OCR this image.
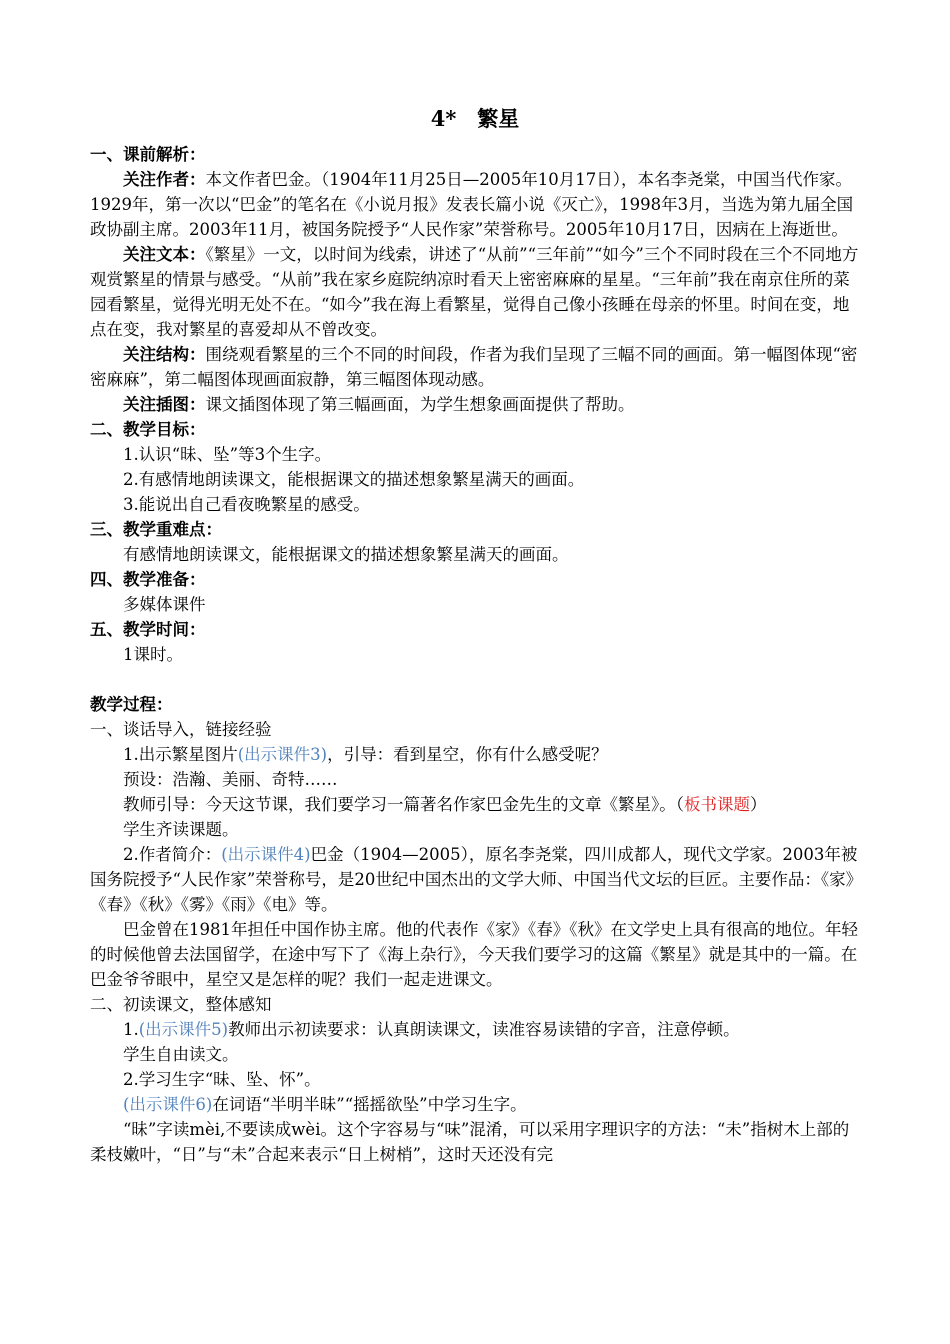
4*　繁星

一、课前解析：

关注作者：本文作者巴金。（1904年11月25日—2005年10月17日），本名李尧棠，中国当代作家。1929年，第一次以“巴金”的笔名在《小说月报》发表长篇小说《灭亡》，1998年3月，当选为第九届全国政协副主席。2003年11月，被国务院授予“人民作家”荣誉称号。2005年10月17日，因病在上海逝世。

关注文本：《繁星》一文，以时间为线索，讲述了“从前”“三年前”“如今”三个不同时段在三个不同地方观赏繁星的情景与感受。“从前”我在家乡庭院纳凉时看天上密密麻麻的星星。“三年前”我在南京住所的菜园看繁星，觉得光明无处不在。“如今”我在海上看繁星，觉得自己像小孩睡在母亲的怀里。时间在变，地点在变，我对繁星的喜爱却从不曾改变。

关注结构：围绕观看繁星的三个不同的时间段，作者为我们呈现了三幅不同的画面。第一幅图体现“密密麻麻”，第二幅图体现画面寂静，第三幅图体现动感。

关注插图：课文插图体现了第三幅画面，为学生想象画面提供了帮助。

二、教学目标：

1.认识“昧、坠”等3个生字。

2.有感情地朗读课文，能根据课文的描述想象繁星满天的画面。

3.能说出自己看夜晚繁星的感受。

三、教学重难点：

有感情地朗读课文，能根据课文的描述想象繁星满天的画面。

四、教学准备：

多媒体课件

五、教学时间：

1课时。

教学过程：

一、谈话导入，链接经验

1.出示繁星图片(出示课件3)，引导：看到星空，你有什么感受呢？

预设：浩瀚、美丽、奇特……

教师引导：今天这节课，我们要学习一篇著名作家巴金先生的文章《繁星》。（板书课题）

学生齐读课题。

2.作者简介：(出示课件4)巴金（1904—2005），原名李尧棠，四川成都人，现代文学家。2003年被国务院授予“人民作家”荣誉称号，是20世纪中国杰出的文学大师、中国当代文坛的巨匠。主要作品：《家》《春》《秋》《雾》《雨》《电》等。

巴金曾在1981年担任中国作协主席。他的代表作《家》《春》《秋》在文学史上具有很高的地位。年轻的时候他曾去法国留学，在途中写下了《海上杂行》，今天我们要学习的这篇《繁星》就是其中的一篇。在巴金爷爷眼中，星空又是怎样的呢？我们一起走进课文。

二、初读课文，整体感知

1.(出示课件5)教师出示初读要求：认真朗读课文，读准容易读错的字音，注意停顿。

学生自由读文。

2.学习生字“昧、坠、怀”。

(出示课件6)在词语“半明半昧”“摇摇欲坠”中学习生字。

“昧”字读mèi,不要读成wèi。这个字容易与“味”混淆，可以采用字理识字的方法：“未”指树木上部的柔枝嫩叶，“日”与“未”合起来表示“日上树梢”，这时天还没有完
